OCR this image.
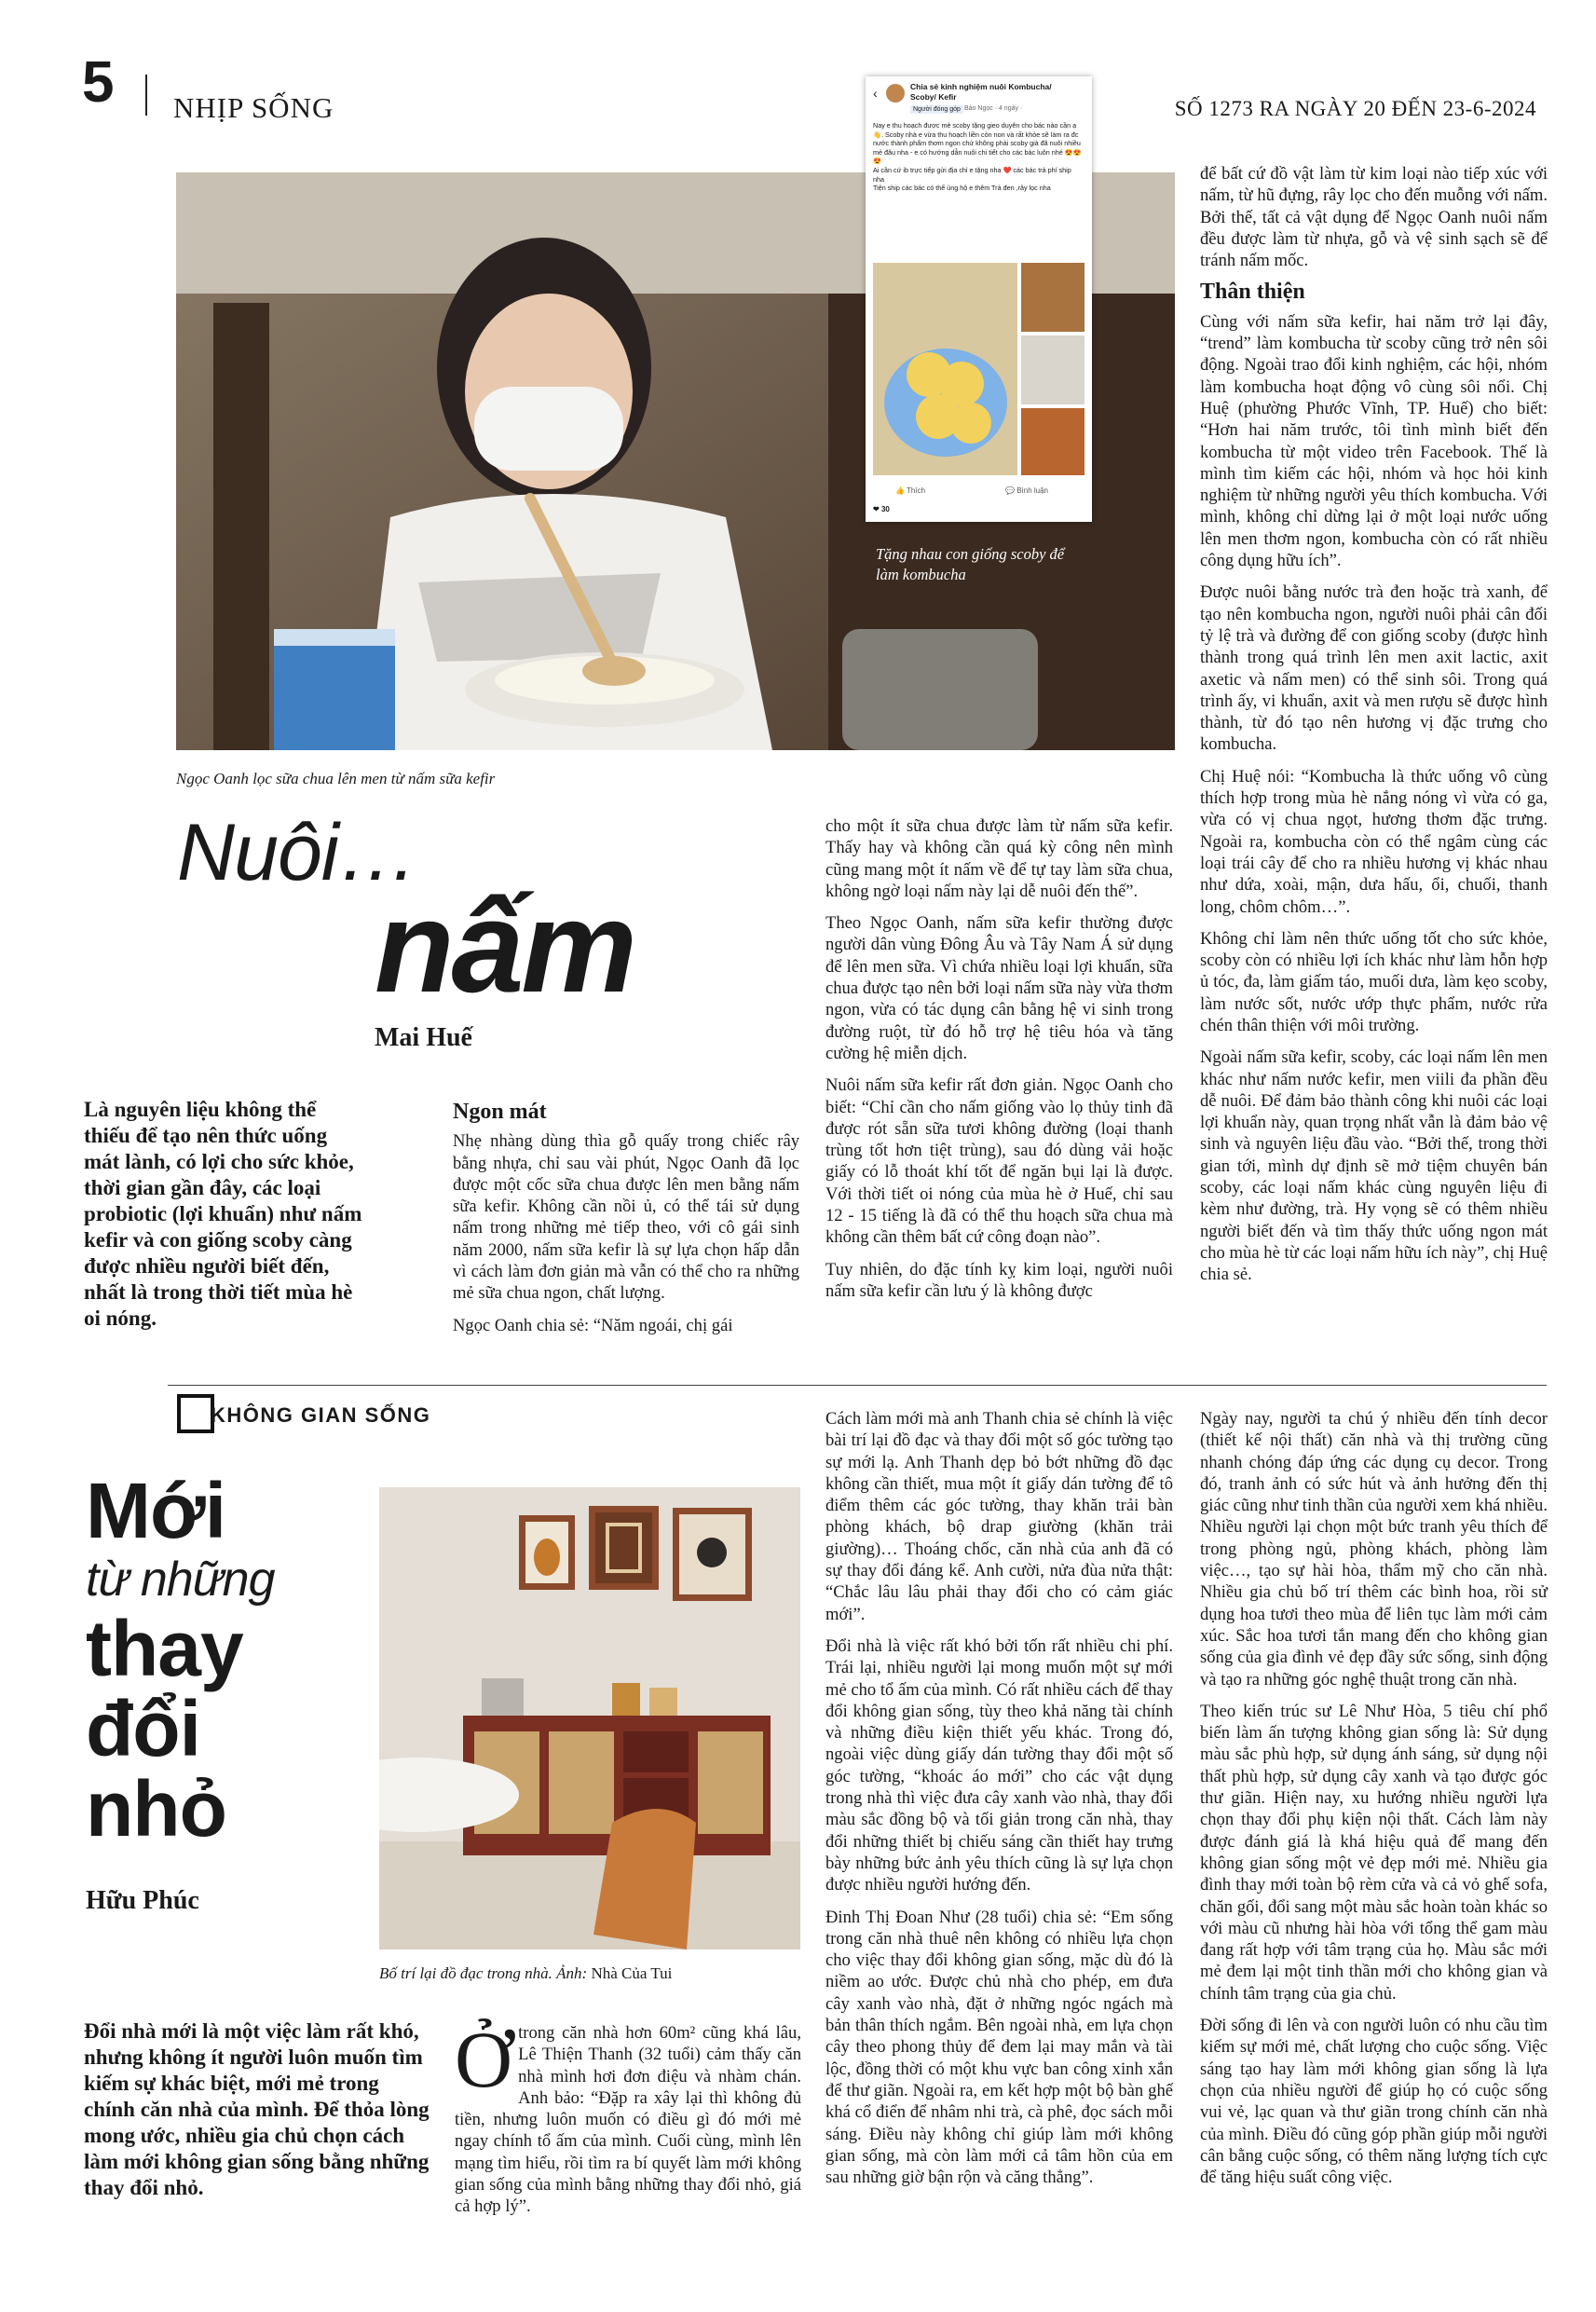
5 NHỊP SỐNG	SỐ 1273 RA NGÀY 20 ĐẾN 23-6-2024
‹	Chia sẻ kinh nghiệm nuôi Kombucha/ Scoby/ Kefir
Người đóng góp Bảo Ngọc · 4 ngày ·
Nay e thu hoạch được mẻ scoby tặng gieo duyên cho bác nào cần ạ 👋. Scoby nhà e vừa thu hoạch liền còn non và rất khỏe sẽ làm ra đc nước thành phẩm thơm ngon chứ không phải scoby già đã nuôi nhiều mẻ đâu nha - e có hướng dẫn nuôi chi tiết cho các bác luôn nhé 😍😍😍
Ai cần cứ ib trực tiếp gửi địa chỉ e tặng nha ❤️ các bác trả phí ship nha
Tiện ship các bác có thể ủng hộ e thêm Trà đen ,rây lọc nha
👍 Thích	💬 Bình luận
❤ 30
Tặng nhau con giống scoby để làm kombucha
Ngọc Oanh lọc sữa chua lên men từ nấm sữa kefir
Nuôi…
nấm
Mai Huế
Là nguyên liệu không thể thiếu để tạo nên thức uống mát lành, có lợi cho sức khỏe, thời gian gần đây, các loại probiotic (lợi khuẩn) như nấm kefir và con giống scoby càng được nhiều người biết đến, nhất là trong thời tiết mùa hè oi nóng.
Ngon mát

Nhẹ nhàng dùng thìa gỗ quấy trong chiếc rây bằng nhựa, chỉ sau vài phút, Ngọc Oanh đã lọc được một cốc sữa chua được lên men bằng nấm sữa kefir. Không cần nồi ủ, có thể tái sử dụng nấm trong những mẻ tiếp theo, với cô gái sinh năm 2000, nấm sữa kefir là sự lựa chọn hấp dẫn vì cách làm đơn giản mà vẫn có thể cho ra những mẻ sữa chua ngon, chất lượng.

Ngọc Oanh chia sẻ: “Năm ngoái, chị gái

cho một ít sữa chua được làm từ nấm sữa kefir. Thấy hay và không cần quá kỳ công nên mình cũng mang một ít nấm về để tự tay làm sữa chua, không ngờ loại nấm này lại dễ nuôi đến thế”.

Theo Ngọc Oanh, nấm sữa kefir thường được người dân vùng Đông Âu và Tây Nam Á sử dụng để lên men sữa. Vì chứa nhiều loại lợi khuẩn, sữa chua được tạo nên bởi loại nấm sữa này vừa thơm ngon, vừa có tác dụng cân bằng hệ vi sinh trong đường ruột, từ đó hỗ trợ hệ tiêu hóa và tăng cường hệ miễn dịch.

Nuôi nấm sữa kefir rất đơn giản. Ngọc Oanh cho biết: “Chỉ cần cho nấm giống vào lọ thủy tinh đã được rót sẵn sữa tươi không đường (loại thanh trùng tốt hơn tiệt trùng), sau đó dùng vải hoặc giấy có lỗ thoát khí tốt để ngăn bụi lại là được. Với thời tiết oi nóng của mùa hè ở Huế, chỉ sau 12 - 15 tiếng là đã có thể thu hoạch sữa chua mà không cần thêm bất cứ công đoạn nào”.

Tuy nhiên, do đặc tính kỵ kim loại, người nuôi nấm sữa kefir cần lưu ý là không được

để bất cứ đồ vật làm từ kim loại nào tiếp xúc với nấm, từ hũ đựng, rây lọc cho đến muỗng với nấm. Bởi thế, tất cả vật dụng để Ngọc Oanh nuôi nấm đều được làm từ nhựa, gỗ và vệ sinh sạch sẽ để tránh nấm mốc.

Thân thiện

Cùng với nấm sữa kefir, hai năm trở lại đây, “trend” làm kombucha từ scoby cũng trở nên sôi động. Ngoài trao đổi kinh nghiệm, các hội, nhóm làm kombucha hoạt động vô cùng sôi nổi. Chị Huệ (phường Phước Vĩnh, TP. Huế) cho biết: “Hơn hai năm trước, tôi tình mình biết đến kombucha từ một video trên Facebook. Thế là mình tìm kiếm các hội, nhóm và học hỏi kinh nghiệm từ những người yêu thích kombucha. Với mình, không chỉ dừng lại ở một loại nước uống lên men thơm ngon, kombucha còn có rất nhiều công dụng hữu ích”.

Được nuôi bằng nước trà đen hoặc trà xanh, để tạo nên kombucha ngon, người nuôi phải cân đối tỷ lệ trà và đường để con giống scoby (được hình thành trong quá trình lên men axit lactic, axit axetic và nấm men) có thể sinh sôi. Trong quá trình ấy, vi khuẩn, axit và men rượu sẽ được hình thành, từ đó tạo nên hương vị đặc trưng cho kombucha.

Chị Huệ nói: “Kombucha là thức uống vô cùng thích hợp trong mùa hè nắng nóng vì vừa có ga, vừa có vị chua ngọt, hương thơm đặc trưng. Ngoài ra, kombucha còn có thể ngâm cùng các loại trái cây để cho ra nhiều hương vị khác nhau như dứa, xoài, mận, dưa hấu, ổi, chuối, thanh long, chôm chôm…”.

Không chỉ làm nên thức uống tốt cho sức khỏe, scoby còn có nhiều lợi ích khác như làm hỗn hợp ủ tóc, đa, làm giấm táo, muối dưa, làm kẹo scoby, làm nước sốt, nước ướp thực phẩm, nước rửa chén thân thiện với môi trường.

Ngoài nấm sữa kefir, scoby, các loại nấm lên men khác như nấm nước kefir, men viili đa phần đều dễ nuôi. Để đảm bảo thành công khi nuôi các loại lợi khuẩn này, quan trọng nhất vẫn là đảm bảo vệ sinh và nguyên liệu đầu vào. “Bởi thế, trong thời gian tới, mình dự định sẽ mở tiệm chuyên bán scoby, các loại nấm khác cùng nguyên liệu đi kèm như đường, trà. Hy vọng sẽ có thêm nhiều người biết đến và tìm thấy thức uống ngon mát cho mùa hè từ các loại nấm hữu ích này”, chị Huệ chia sẻ.

KHÔNG GIAN SỐNG
Mới
từ những
thay
đổi
nhỏ
Hữu Phúc
Bố trí lại đồ đạc trong nhà. Ảnh: Nhà Của Tui
Đổi nhà mới là một việc làm rất khó, nhưng không ít người luôn muốn tìm kiếm sự khác biệt, mới mẻ trong chính căn nhà của mình. Để thỏa lòng mong ước, nhiều gia chủ chọn cách làm mới không gian sống bằng những thay đổi nhỏ.
Ở trong căn nhà hơn 60m² cũng khá lâu, Lê Thiện Thanh (32 tuổi) cảm thấy căn nhà mình hơi đơn điệu và nhàm chán. Anh bảo: “Đặp ra xây lại thì không đủ tiền, nhưng luôn muốn có điều gì đó mới mẻ ngay chính tổ ấm của mình. Cuối cùng, mình lên mạng tìm hiểu, rồi tìm ra bí quyết làm mới không gian sống của mình bằng những thay đổi nhỏ, giá cả hợp lý”.

Cách làm mới mà anh Thanh chia sẻ chính là việc bài trí lại đồ đạc và thay đổi một số góc tường tạo sự mới lạ. Anh Thanh dẹp bỏ bớt những đồ đạc không cần thiết, mua một ít giấy dán tường để tô điểm thêm các góc tường, thay khăn trải bàn phòng khách, bộ drap giường (khăn trải giường)… Thoáng chốc, căn nhà của anh đã có sự thay đổi đáng kể. Anh cười, nửa đùa nửa thật: “Chắc lâu lâu phải thay đổi cho có cảm giác mới”.

Đổi nhà là việc rất khó bởi tốn rất nhiều chi phí. Trái lại, nhiều người lại mong muốn một sự mới mẻ cho tổ ấm của mình. Có rất nhiều cách để thay đổi không gian sống, tùy theo khả năng tài chính và những điều kiện thiết yếu khác. Trong đó, ngoài việc dùng giấy dán tường thay đổi một số góc tường, “khoác áo mới” cho các vật dụng trong nhà thì việc đưa cây xanh vào nhà, thay đổi màu sắc đồng bộ và tối giản trong căn nhà, thay đổi những thiết bị chiếu sáng cần thiết hay trưng bày những bức ảnh yêu thích cũng là sự lựa chọn được nhiều người hướng đến.

Đinh Thị Đoan Như (28 tuổi) chia sẻ: “Em sống trong căn nhà thuê nên không có nhiều lựa chọn cho việc thay đổi không gian sống, mặc dù đó là niềm ao ước. Được chủ nhà cho phép, em đưa cây xanh vào nhà, đặt ở những ngóc ngách mà bản thân thích ngắm. Bên ngoài nhà, em lựa chọn cây theo phong thủy để đem lại may mắn và tài lộc, đồng thời có một khu vực ban công xinh xắn để thư giãn. Ngoài ra, em kết hợp một bộ bàn ghế khá cổ điển để nhâm nhi trà, cà phê, đọc sách mỗi sáng. Điều này không chỉ giúp làm mới không gian sống, mà còn làm mới cả tâm hồn của em sau những giờ bận rộn và căng thẳng”.

Ngày nay, người ta chú ý nhiều đến tính decor (thiết kế nội thất) căn nhà và thị trường cũng nhanh chóng đáp ứng các dụng cụ decor. Trong đó, tranh ảnh có sức hút và ảnh hưởng đến thị giác cũng như tinh thần của người xem khá nhiều. Nhiều người lại chọn một bức tranh yêu thích để trong phòng ngủ, phòng khách, phòng làm việc…, tạo sự hài hòa, thẩm mỹ cho căn nhà. Nhiều gia chủ bố trí thêm các bình hoa, rồi sử dụng hoa tươi theo mùa để liên tục làm mới cảm xúc. Sắc hoa tươi tắn mang đến cho không gian sống của gia đình vẻ đẹp đầy sức sống, sinh động và tạo ra những góc nghệ thuật trong căn nhà.

Theo kiến trúc sư Lê Như Hòa, 5 tiêu chí phổ biến làm ấn tượng không gian sống là: Sử dụng màu sắc phù hợp, sử dụng ánh sáng, sử dụng nội thất phù hợp, sử dụng cây xanh và tạo được góc thư giãn. Hiện nay, xu hướng nhiều người lựa chọn thay đổi phụ kiện nội thất. Cách làm này được đánh giá là khá hiệu quả để mang đến không gian sống một vẻ đẹp mới mẻ. Nhiều gia đình thay mới toàn bộ rèm cửa và cả vỏ ghế sofa, chăn gối, đổi sang một màu sắc hoàn toàn khác so với màu cũ nhưng hài hòa với tổng thể gam màu đang rất hợp với tâm trạng của họ. Màu sắc mới mẻ đem lại một tinh thần mới cho không gian và chính tâm trạng của gia chủ.

Đời sống đi lên và con người luôn có nhu cầu tìm kiếm sự mới mẻ, chất lượng cho cuộc sống. Việc sáng tạo hay làm mới không gian sống là lựa chọn của nhiều người để giúp họ có cuộc sống vui vẻ, lạc quan và thư giãn trong chính căn nhà của mình. Điều đó cũng góp phần giúp mỗi người cân bằng cuộc sống, có thêm năng lượng tích cực để tăng hiệu suất công việc.
